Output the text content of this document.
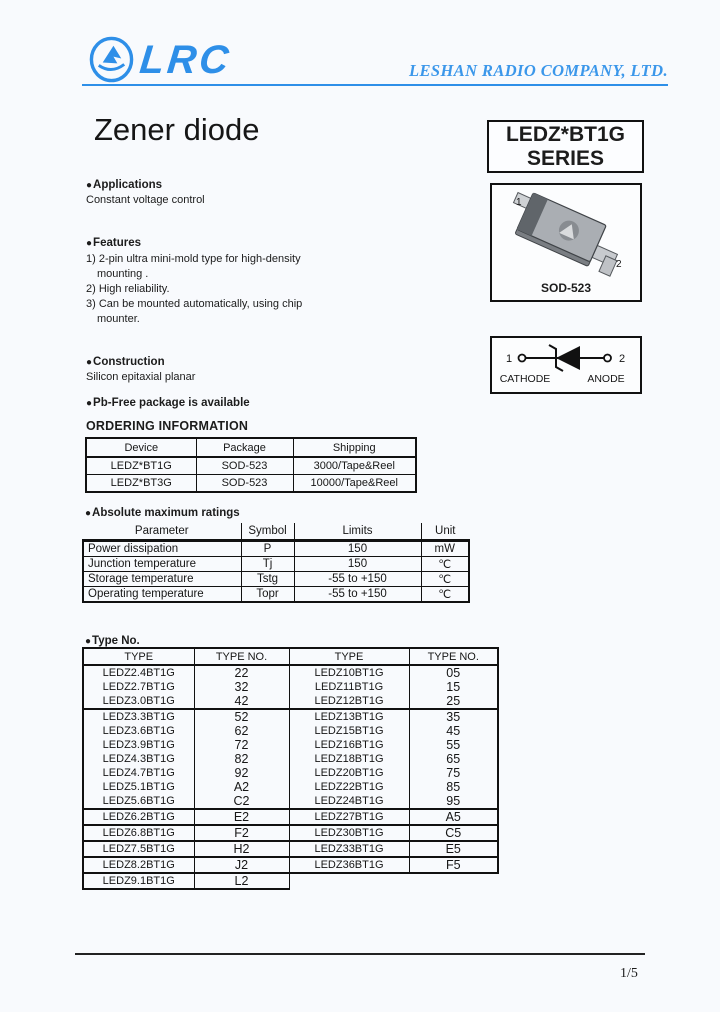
LRC	LESHAN RADIO COMPANY, LTD.
Zener diode	LEDZ*BT1G
SERIES
1
2
SOD-523
1	2
CATHODE	ANODE
●Applications
Constant voltage control
●Features
1) 2-pin ultra mini-mold type for high-density
mounting .
2) High reliability.
3) Can be mounted automatically, using chip
mounter.
●Construction
Silicon epitaxial planar
●Pb-Free package is available
ORDERING INFORMATION
Device	Package	Shipping
LEDZ*BT1G	SOD-523	3000/Tape&Reel
LEDZ*BT3G	SOD-523	10000/Tape&Reel
●Absolute maximum ratings
Parameter	Symbol	Limits	Unit
Power dissipation	P	150	mW
Junction temperature	Tj	150	℃
Storage temperature	Tstg	-55 to +150	℃
Operating temperature	Topr	-55 to +150	℃
●Type No.
TYPE	TYPE NO.	TYPE	TYPE NO.
LEDZ2.4BT1G	22	LEDZ10BT1G	05
LEDZ2.7BT1G	32	LEDZ11BT1G	15
LEDZ3.0BT1G	42	LEDZ12BT1G	25
LEDZ3.3BT1G	52	LEDZ13BT1G	35
LEDZ3.6BT1G	62	LEDZ15BT1G	45
LEDZ3.9BT1G	72	LEDZ16BT1G	55
LEDZ4.3BT1G	82	LEDZ18BT1G	65
LEDZ4.7BT1G	92	LEDZ20BT1G	75
LEDZ5.1BT1G	A2	LEDZ22BT1G	85
LEDZ5.6BT1G	C2	LEDZ24BT1G	95
LEDZ6.2BT1G	E2	LEDZ27BT1G	A5
LEDZ6.8BT1G	F2	LEDZ30BT1G	C5
LEDZ7.5BT1G	H2	LEDZ33BT1G	E5
LEDZ8.2BT1G	J2	LEDZ36BT1G	F5
LEDZ9.1BT1G	L2		
1/5
